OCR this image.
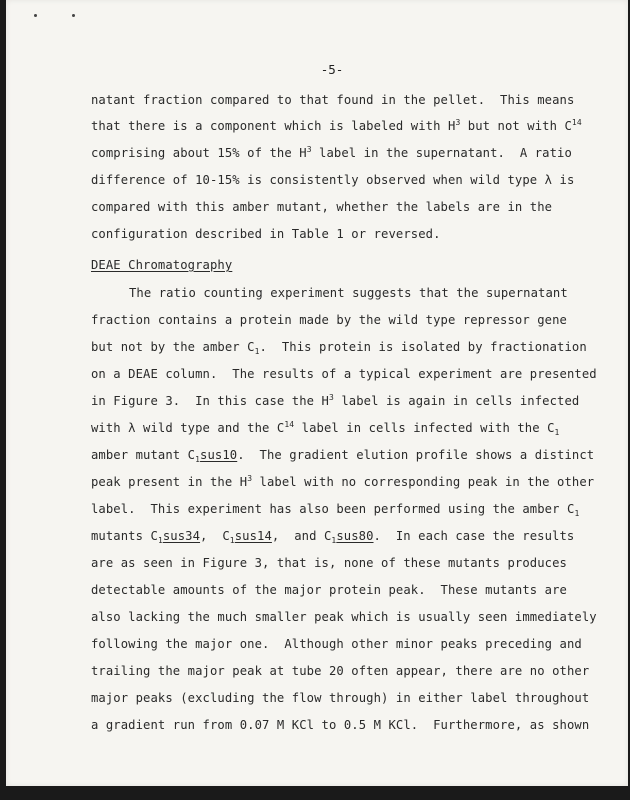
-5-
natant fraction compared to that found in the pellet.  This means
that there is a component which is labeled with $H^3$ but not with $C^{14}$
comprising about 15% of the $H^3$ label in the supernatant.  A ratio
difference of 10-15% is consistently observed when wild type λ is
compared with this amber mutant, whether the labels are in the
configuration described in Table 1 or reversed.
DEAE Chromatography
The ratio counting experiment suggests that the supernatant
fraction contains a protein made by the wild type repressor gene
but not by the amber $C_1$.  This protein is isolated by fractionation
on a DEAE column.  The results of a typical experiment are presented
in Figure 3.  In this case the $H^3$ label is again in cells infected
with λ wild type and the $C^{14}$ label in cells infected with the $C_1$
amber mutant $C_1sus10$.  The gradient elution profile shows a distinct
peak present in the $H^3$ label with no corresponding peak in the other
label.  This experiment has also been performed using the amber $C_1$
mutants $C_1sus34$,  $C_1sus14$,  and $C_1sus80$.  In each case the results
are as seen in Figure 3, that is, none of these mutants produces
detectable amounts of the major protein peak.  These mutants are
also lacking the much smaller peak which is usually seen immediately
following the major one.  Although other minor peaks preceding and
trailing the major peak at tube 20 often appear, there are no other
major peaks (excluding the flow through) in either label throughout
a gradient run from 0.07 M KCl to 0.5 M KCl.  Furthermore, as shown
